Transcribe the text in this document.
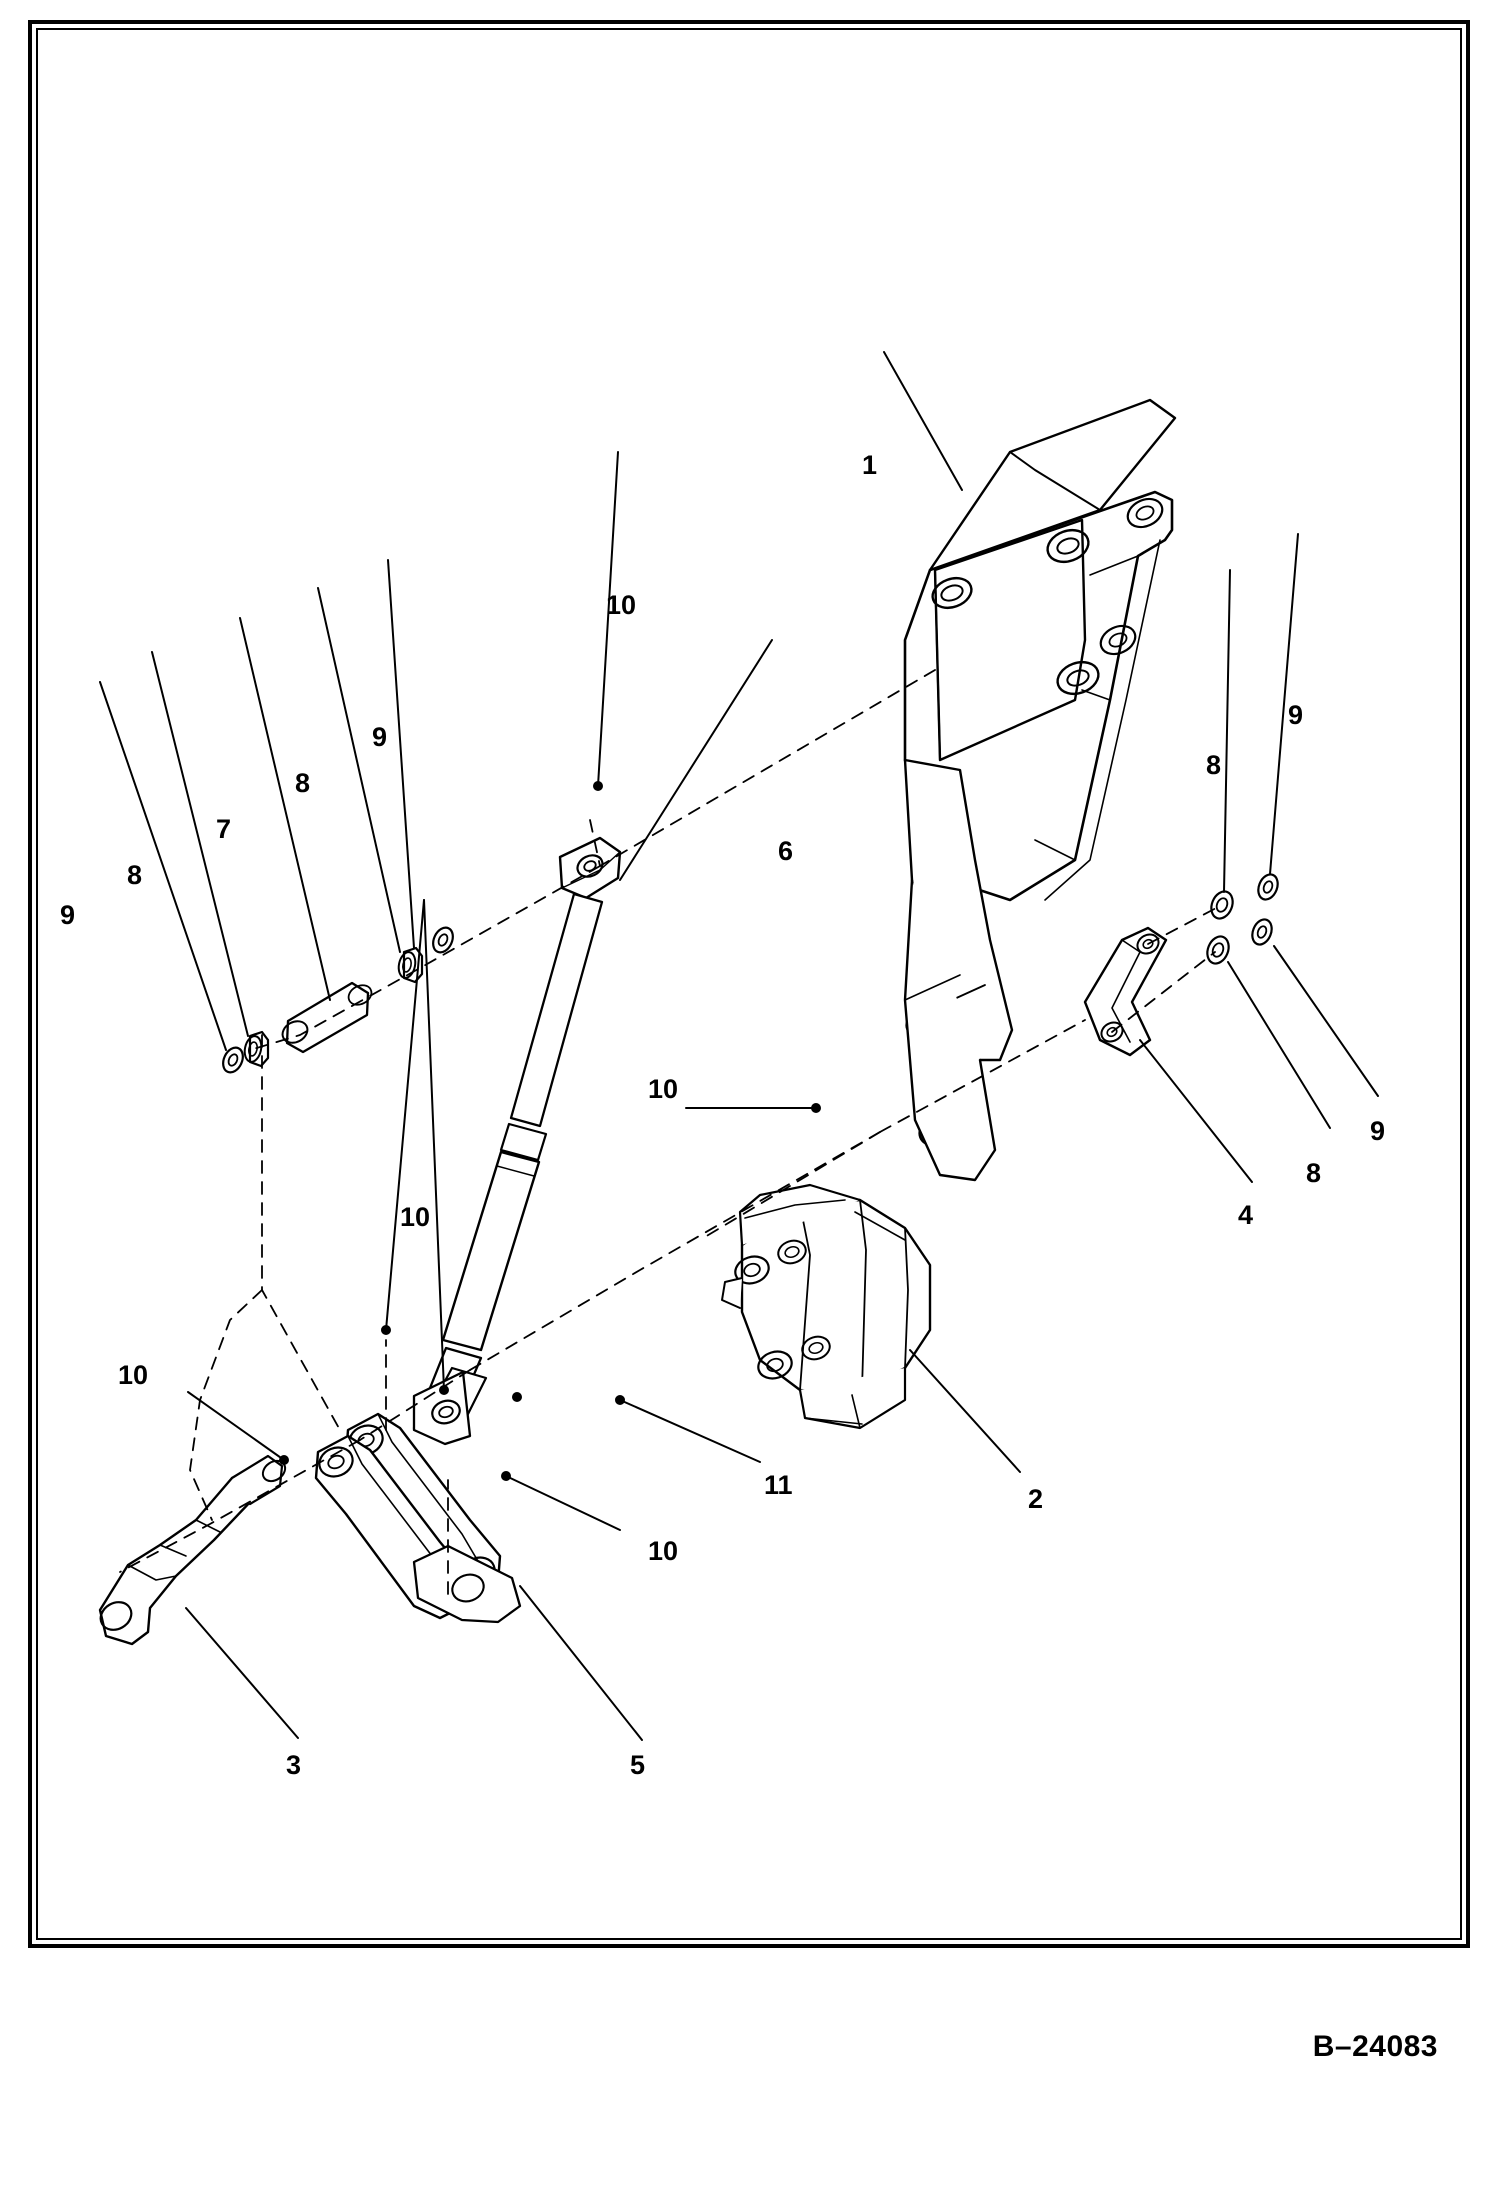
1
10
9
8
7
8
9
6
9
8
9
8
4
10
10
10
11
10
2
3	5
B–24083
